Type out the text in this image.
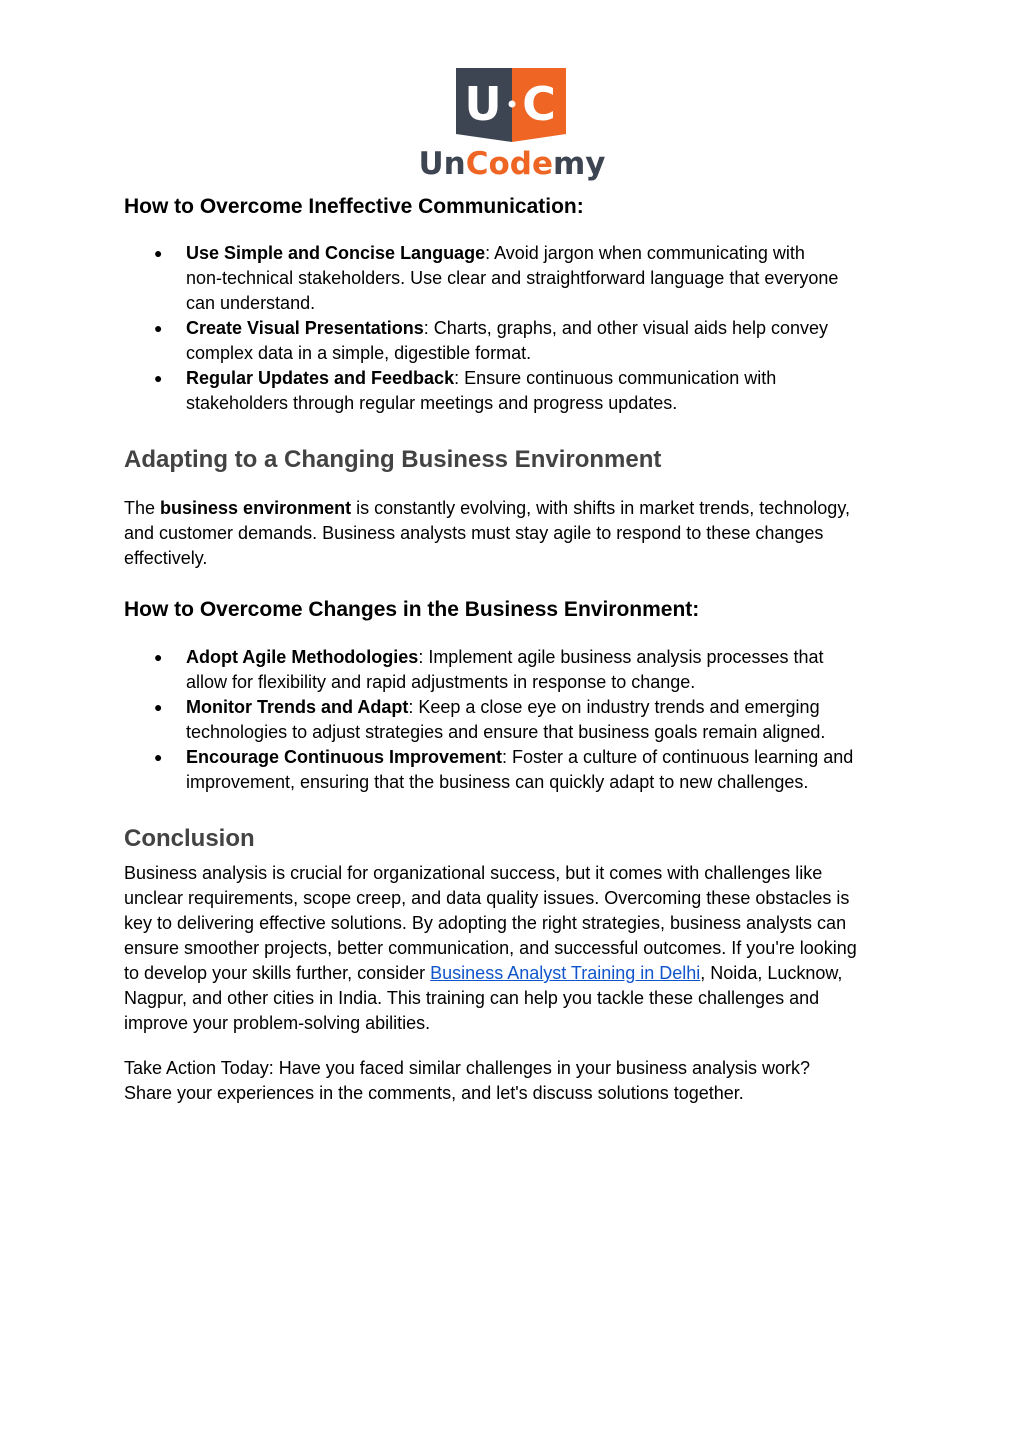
U C
UnCodemy
How to Overcome Ineffective Communication:
● Use Simple and Concise Language: Avoid jargon when communicating with
non-technical stakeholders. Use clear and straightforward language that everyone
can understand.
● Create Visual Presentations: Charts, graphs, and other visual aids help convey
complex data in a simple, digestible format.
● Regular Updates and Feedback: Ensure continuous communication with
stakeholders through regular meetings and progress updates.
Adapting to a Changing Business Environment

The business environment is constantly evolving, with shifts in market trends, technology,
and customer demands. Business analysts must stay agile to respond to these changes
effectively.

How to Overcome Changes in the Business Environment:
● Adopt Agile Methodologies: Implement agile business analysis processes that
allow for flexibility and rapid adjustments in response to change.
● Monitor Trends and Adapt: Keep a close eye on industry trends and emerging
technologies to adjust strategies and ensure that business goals remain aligned.
● Encourage Continuous Improvement: Foster a culture of continuous learning and
improvement, ensuring that the business can quickly adapt to new challenges.
Conclusion

Business analysis is crucial for organizational success, but it comes with challenges like
unclear requirements, scope creep, and data quality issues. Overcoming these obstacles is
key to delivering effective solutions. By adopting the right strategies, business analysts can
ensure smoother projects, better communication, and successful outcomes. If you're looking
to develop your skills further, consider Business Analyst Training in Delhi, Noida, Lucknow,
Nagpur, and other cities in India. This training can help you tackle these challenges and
improve your problem-solving abilities.

Take Action Today: Have you faced similar challenges in your business analysis work?
Share your experiences in the comments, and let's discuss solutions together.
